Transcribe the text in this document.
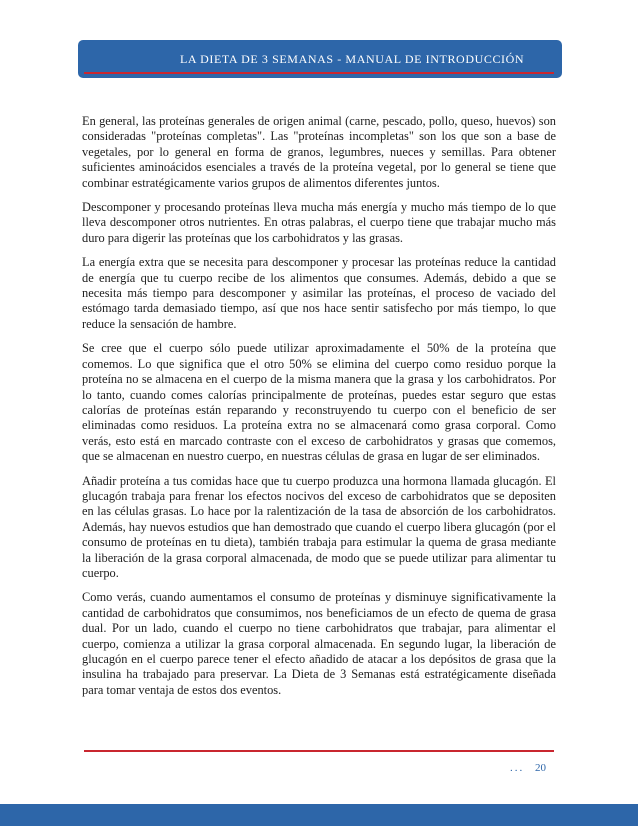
LA DIETA DE 3 SEMANAS - MANUAL DE INTRODUCCIÓN

En general, las proteínas generales de origen animal (carne, pescado, pollo, queso, huevos) son consideradas "proteínas completas". Las "proteínas incompletas" son los que son a base de vegetales, por lo general en forma de granos, legumbres, nueces y semillas. Para obtener suficientes aminoácidos esenciales a través de la proteína vegetal, por lo general se tiene que combinar estratégicamente varios grupos de alimentos diferentes juntos.

Descomponer y procesando proteínas lleva mucha más energía y mucho más tiempo de lo que lleva descomponer otros nutrientes. En otras palabras, el cuerpo tiene que trabajar mucho más duro para digerir las proteínas que los carbohidratos y las grasas.

La energía extra que se necesita para descomponer y procesar las proteínas reduce la cantidad de energía que tu cuerpo recibe de los alimentos que consumes. Además, debido a que se necesita más tiempo para descomponer y asimilar las proteínas, el proceso de vaciado del estómago tarda demasiado tiempo, así que nos hace sentir satisfecho por más tiempo, lo que reduce la sensación de hambre.

Se cree que el cuerpo sólo puede utilizar aproximadamente el 50% de la proteína que comemos. Lo que significa que el otro 50% se elimina del cuerpo como residuo porque la proteína no se almacena en el cuerpo de la misma manera que la grasa y los carbohidratos. Por lo tanto, cuando comes calorías principalmente de proteínas, puedes estar seguro que estas calorías de proteínas están reparando y reconstruyendo tu cuerpo con el beneficio de ser eliminadas como residuos. La proteína extra no se almacenará como grasa corporal. Como verás, esto está en marcado contraste con el exceso de carbohidratos y grasas que comemos, que se almacenan en nuestro cuerpo, en nuestras células de grasa en lugar de ser eliminados.

Añadir proteína a tus comidas hace que tu cuerpo produzca una hormona llamada glucagón. El glucagón trabaja para frenar los efectos nocivos del exceso de carbohidratos que se depositen en las células grasas. Lo hace por la ralentización de la tasa de absorción de los carbohidratos. Además, hay nuevos estudios que han demostrado que cuando el cuerpo libera glucagón (por el consumo de proteínas en tu dieta), también trabaja para estimular la quema de grasa mediante la liberación de la grasa corporal almacenada, de modo que se puede utilizar para alimentar tu cuerpo.

Como verás, cuando aumentamos el consumo de proteínas y disminuye significativamente la cantidad de carbohidratos que consumimos, nos beneficiamos de un efecto de quema de grasa dual. Por un lado, cuando el cuerpo no tiene carbohidratos que trabajar, para alimentar el cuerpo, comienza a utilizar la grasa corporal almacenada. En segundo lugar, la liberación de glucagón en el cuerpo parece tener el efecto añadido de atacar a los depósitos de grasa que la insulina ha trabajado para preservar. La Dieta de 3 Semanas está estratégicamente diseñada para tomar ventaja de estos dos eventos.

... 20
